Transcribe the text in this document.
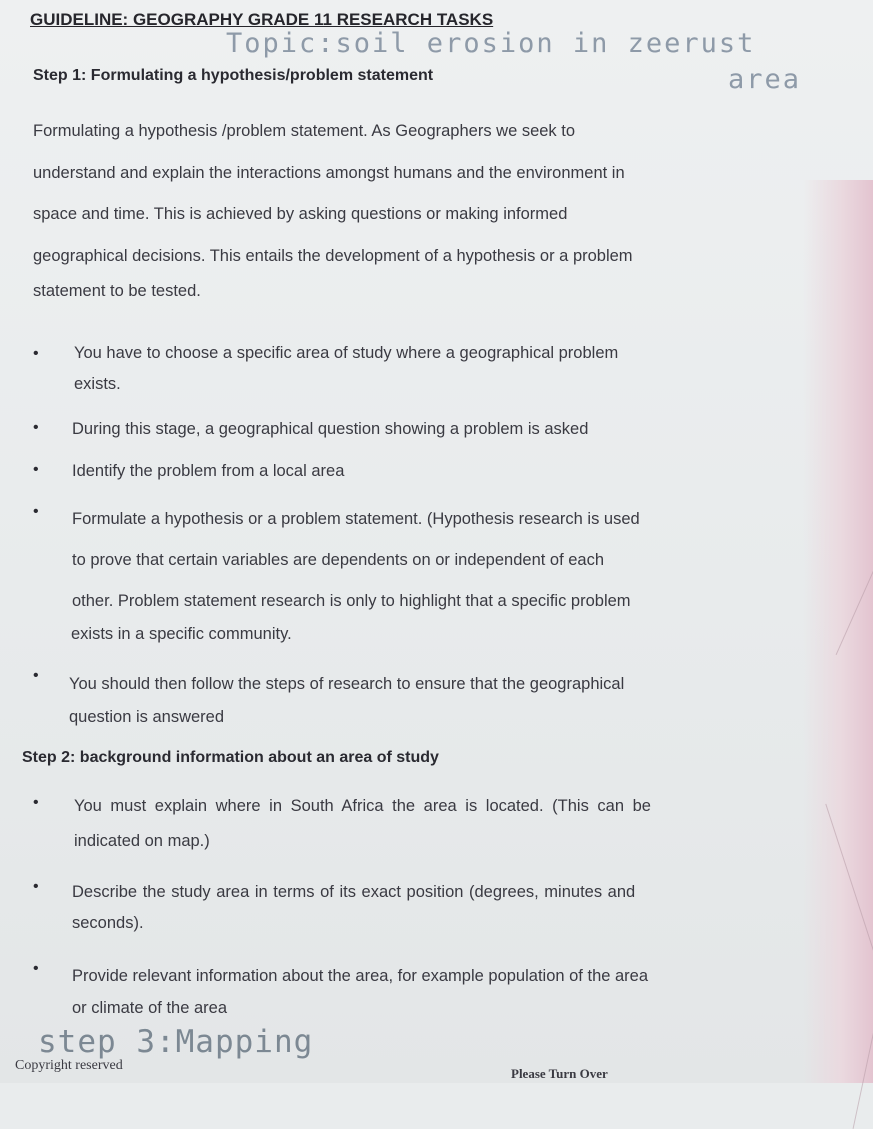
GUIDELINE: GEOGRAPHY GRADE 11 RESEARCH TASKS
Topic:soil erosion in zeerust
area
Step 1: Formulating a hypothesis/problem statement
Formulating a hypothesis /problem statement. As Geographers we seek to
understand and explain the interactions amongst humans and the environment in
space and time. This is achieved by asking questions or making informed
geographical decisions. This entails the development of a hypothesis or a problem
statement to be tested.
• You have to choose a specific area of study where a geographical problem
exists.
• During this stage, a geographical question showing a problem is asked
• Identify the problem from a local area
• Formulate a hypothesis or a problem statement. (Hypothesis research is used
to prove that certain variables are dependents on or independent of each
other. Problem statement research is only to highlight that a specific problem
exists in a specific community.
• You should then follow the steps of research to ensure that the geographical
question is answered
Step 2: background information about an area of study
• You must explain where in South Africa the area is located. (This can be
indicated on map.)
• Describe the study area in terms of its exact position (degrees, minutes and
seconds).
• Provide relevant information about the area, for example population of the area
or climate of the area
step 3:Mapping
Copyright reserved
Please Turn Over
